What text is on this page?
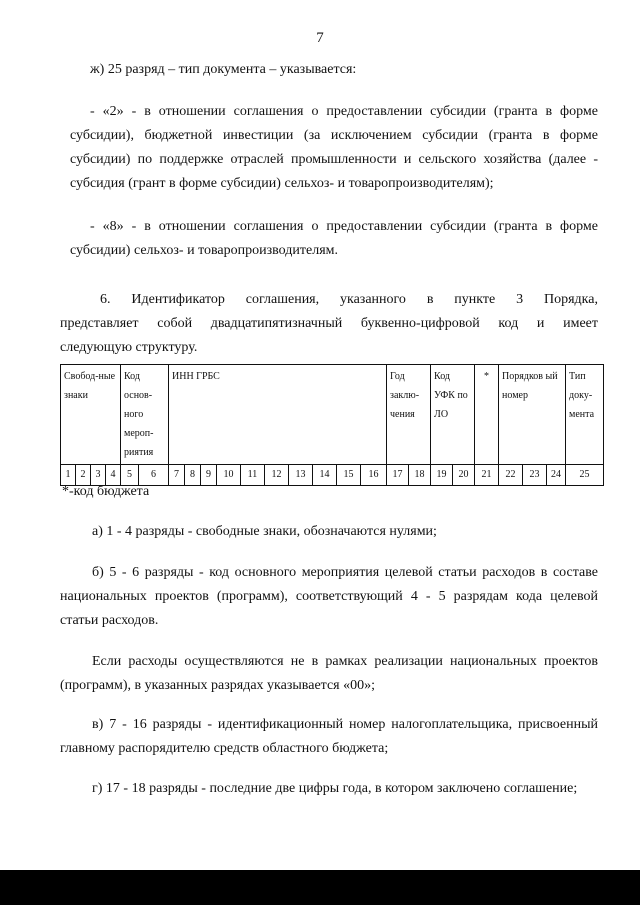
7
ж) 25 разряд – тип документа – указывается:
- «2» - в отношении соглашения о предоставлении субсидии (гранта в форме субсидии), бюджетной инвестиции (за исключением субсидии (гранта в форме субсидии) по поддержке отраслей промышленности и сельского хозяйства (далее - субсидия (грант в форме субсидии) сельхоз- и товаропроизводителям);
- «8» - в отношении соглашения о предоставлении субсидии (гранта в форме субсидии) сельхоз- и товаропроизводителям.
6. Идентификатор соглашения, указанного в пункте 3 Порядка,
представляет собой двадцатипятизначный буквенно-цифровой код и имеет
следующую структуру.
Свобод-ные знаки				Код основ-ного мероп-риятия		ИНН ГРБС										Год заклю-чения		Код УФК по ЛО		*	Порядков ый номер			Тип доку-мента
1	2	3	4	5	6	7	8	9	10	11	12	13	14	15	16	17	18	19	20	21	22	23	24	25
*-код бюджета
а) 1 - 4 разряды - свободные знаки, обозначаются нулями;
б) 5 - 6 разряды - код основного мероприятия целевой статьи расходов в составе национальных проектов (программ), соответствующий 4 - 5 разрядам кода целевой статьи расходов.
Если расходы осуществляются не в рамках реализации национальных проектов (программ), в указанных разрядах указывается «00»;
в) 7 - 16 разряды - идентификационный номер налогоплательщика, присвоенный главному распорядителю средств областного бюджета;
г) 17 - 18 разряды - последние две цифры года, в котором заключено соглашение;
